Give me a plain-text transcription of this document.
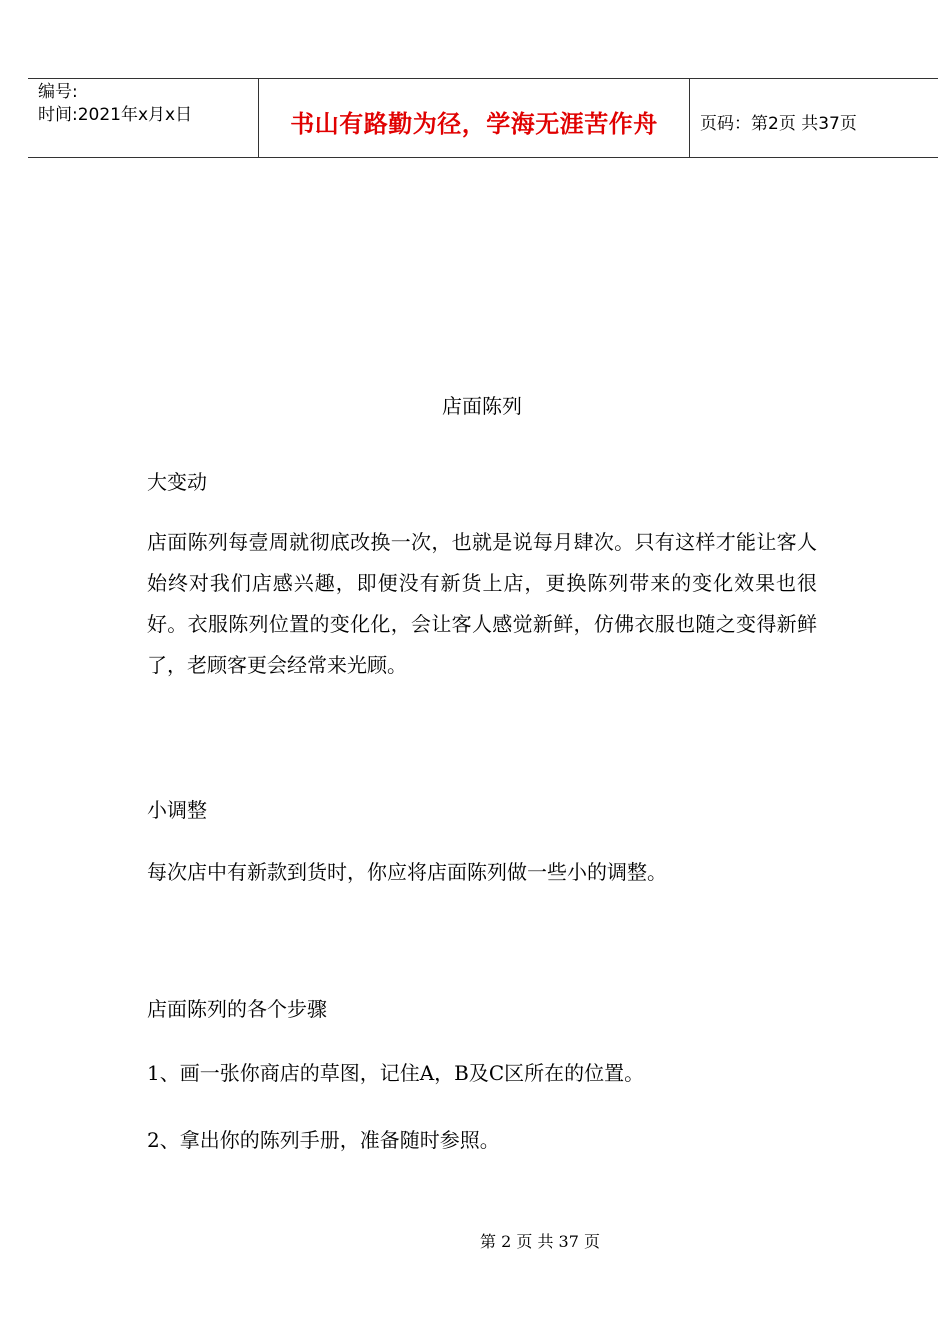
编号:
时间:2021年x月x日	书山有路勤为径，学海无涯苦作舟 页码：第2页 共37页
店面陈列
大变动

店面陈列每壹周就彻底改换一次，也就是说每月肆次。只有这样才能让客人始终对我们店感兴趣，即便没有新货上店，更换陈列带来的变化效果也很好。衣服陈列位置的变化化，会让客人感觉新鲜，仿佛衣服也随之变得新鲜了，老顾客更会经常来光顾。

小调整

每次店中有新款到货时，你应将店面陈列做一些小的调整。

店面陈列的各个步骤

1、画一张你商店的草图，记住A，B及C区所在的位置。

2、拿出你的陈列手册，准备随时参照。

第 2 页 共 37 页
